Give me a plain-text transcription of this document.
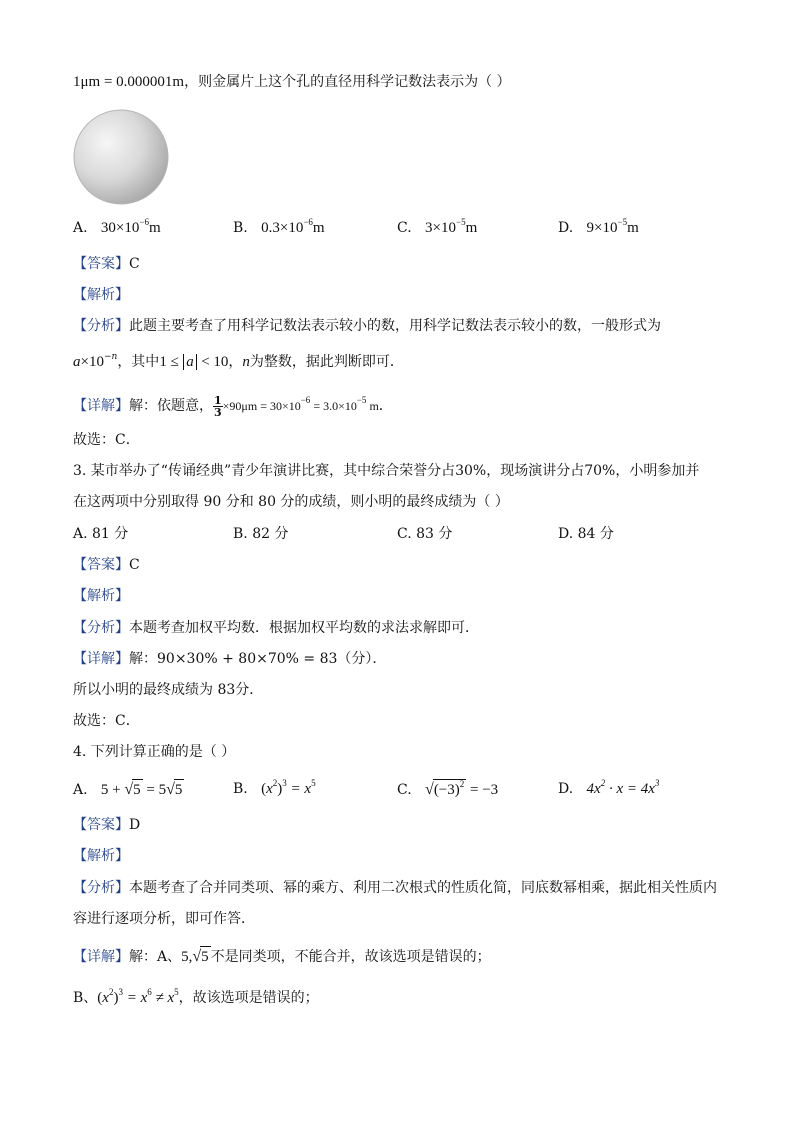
1μm = 0.000001m，则金属片上这个孔的直径用科学记数法表示为（ ）
A. $30\times 10^{-6}m$	B. $0.3\times 10^{-6}m$	C. $3\times 10^{-5}m$	D. $9\times 10^{-5}m$
【答案】C
【解析】
【分析】此题主要考查了用科学记数法表示较小的数，用科学记数法表示较小的数，一般形式为
$a\times 10^{-n}$，其中1 ≤ a < 10，n为整数，据此判断即可．
【详解】解：依题意， $\frac{1}{3} \times 90\mu m = 30\times 10^{-6} = 3.0\times 10^{-5}$ m．
故选：C．
3. 某市举办了“传诵经典”青少年演讲比赛，其中综合荣誉分占30%，现场演讲分占70%，小明参加并
在这两项中分别取得 90 分和 80 分的成绩，则小明的最终成绩为（ ）
A. 81 分	B. 82 分	C. 83 分	D. 84 分
【答案】C
【解析】
【分析】本题考查加权平均数．根据加权平均数的求法求解即可．
【详解】解：90×30% + 80×70% = 83（分）．
所以小明的最终成绩为 83分．
故选：C．
4. 下列计算正确的是（ ）
A. 5 + √5 = 5√5	B. $(x^2)^3 = x^5$	C. $√(-3)^2 = -3$	D. $4x^2 \cdot x = 4x^3$
【答案】D
【解析】
【分析】本题考查了合并同类项、幂的乘方、利用二次根式的性质化简，同底数幂相乘，据此相关性质内
容进行逐项分析，即可作答．
【详解】解：A、5,√5 不是同类项，不能合并，故该选项是错误的；
B、$(x^2)^3 = x^6 \ne x^5$，故该选项是错误的；
